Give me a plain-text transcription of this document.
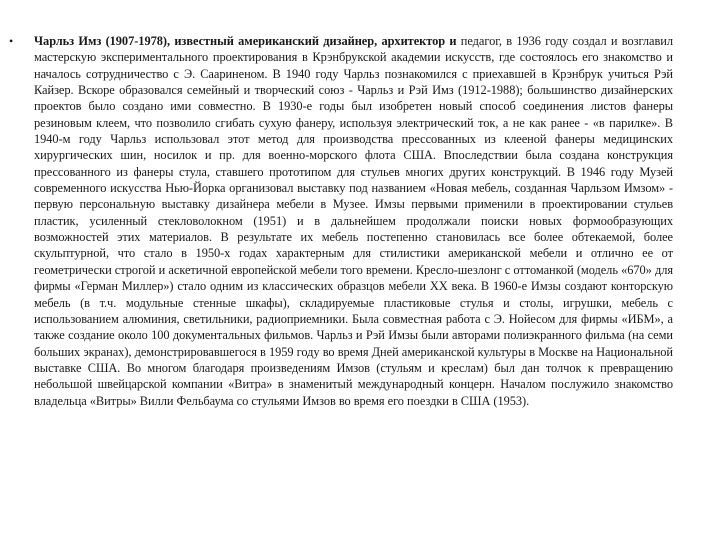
• Чарльз Имз (1907-1978), известный американский дизайнер, архитектор и педагог, в 1936 году создал и возглавил мастерскую экспериментального проектирования в Крэнбрукской академии искусств, где состоялось его знакомство и началось сотрудничество с Э. Саариненом. В 1940 году Чарльз познакомился с приехавшей в Крэнбрук учиться Рэй Кайзер. Вскоре образовался семейный и творческий союз - Чарльз и Рэй Имз (1912-1988); большинство дизайнерских проектов было создано ими совместно. В 1930-е годы был изобретен новый способ соединения листов фанеры резиновым клеем, что позволило сгибать сухую фанеру, используя электрический ток, а не как ранее - «в парилке». В 1940-м году Чарльз использовал этот метод для производства прессованных из клееной фанеры медицинских хирургических шин, носилок и пр. для военно-морского флота США. Впоследствии была создана конструкция прессованного из фанеры стула, ставшего прототипом для стульев многих других конструкций. В 1946 году Музей современного искусства Нью-Йорка организовал выставку под названием «Новая мебель, созданная Чарльзом Имзом» - первую персональную выставку дизайнера мебели в Музее. Имзы первыми применили в проектировании стульев пластик, усиленный стекловолокном (1951) и в дальнейшем продолжали поиски новых формообразующих возможностей этих материалов. В результате их мебель постепенно становилась все более обтекаемой, более скульптурной, что стало в 1950-х годах характерным для стилистики американской мебели и отлично ее от геометрически строгой и аскетичной европейской мебели того времени. Кресло-шезлонг с оттоманкой (модель «670» для фирмы «Герман Миллер») стало одним из классических образцов мебели XX века. В 1960-е Имзы создают конторскую мебель (в т.ч. модульные стенные шкафы), складируемые пластиковые стулья и столы, игрушки, мебель с использованием алюминия, светильники, радиоприемники. Была совместная работа с Э. Нойесом для фирмы «ИБМ», а также создание около 100 документальных фильмов. Чарльз и Рэй Имзы были авторами полиэкранного фильма (на семи больших экранах), демонстрировавшегося в 1959 году во время Дней американской культуры в Москве на Национальной выставке США. Во многом благодаря произведениям Имзов (стульям и креслам) был дан толчок к превращению небольшой швейцарской компании «Витра» в знаменитый международный концерн. Началом послужило знакомство владельца «Витры» Вилли Фельбаума со стульями Имзов во время его поездки в США (1953).
